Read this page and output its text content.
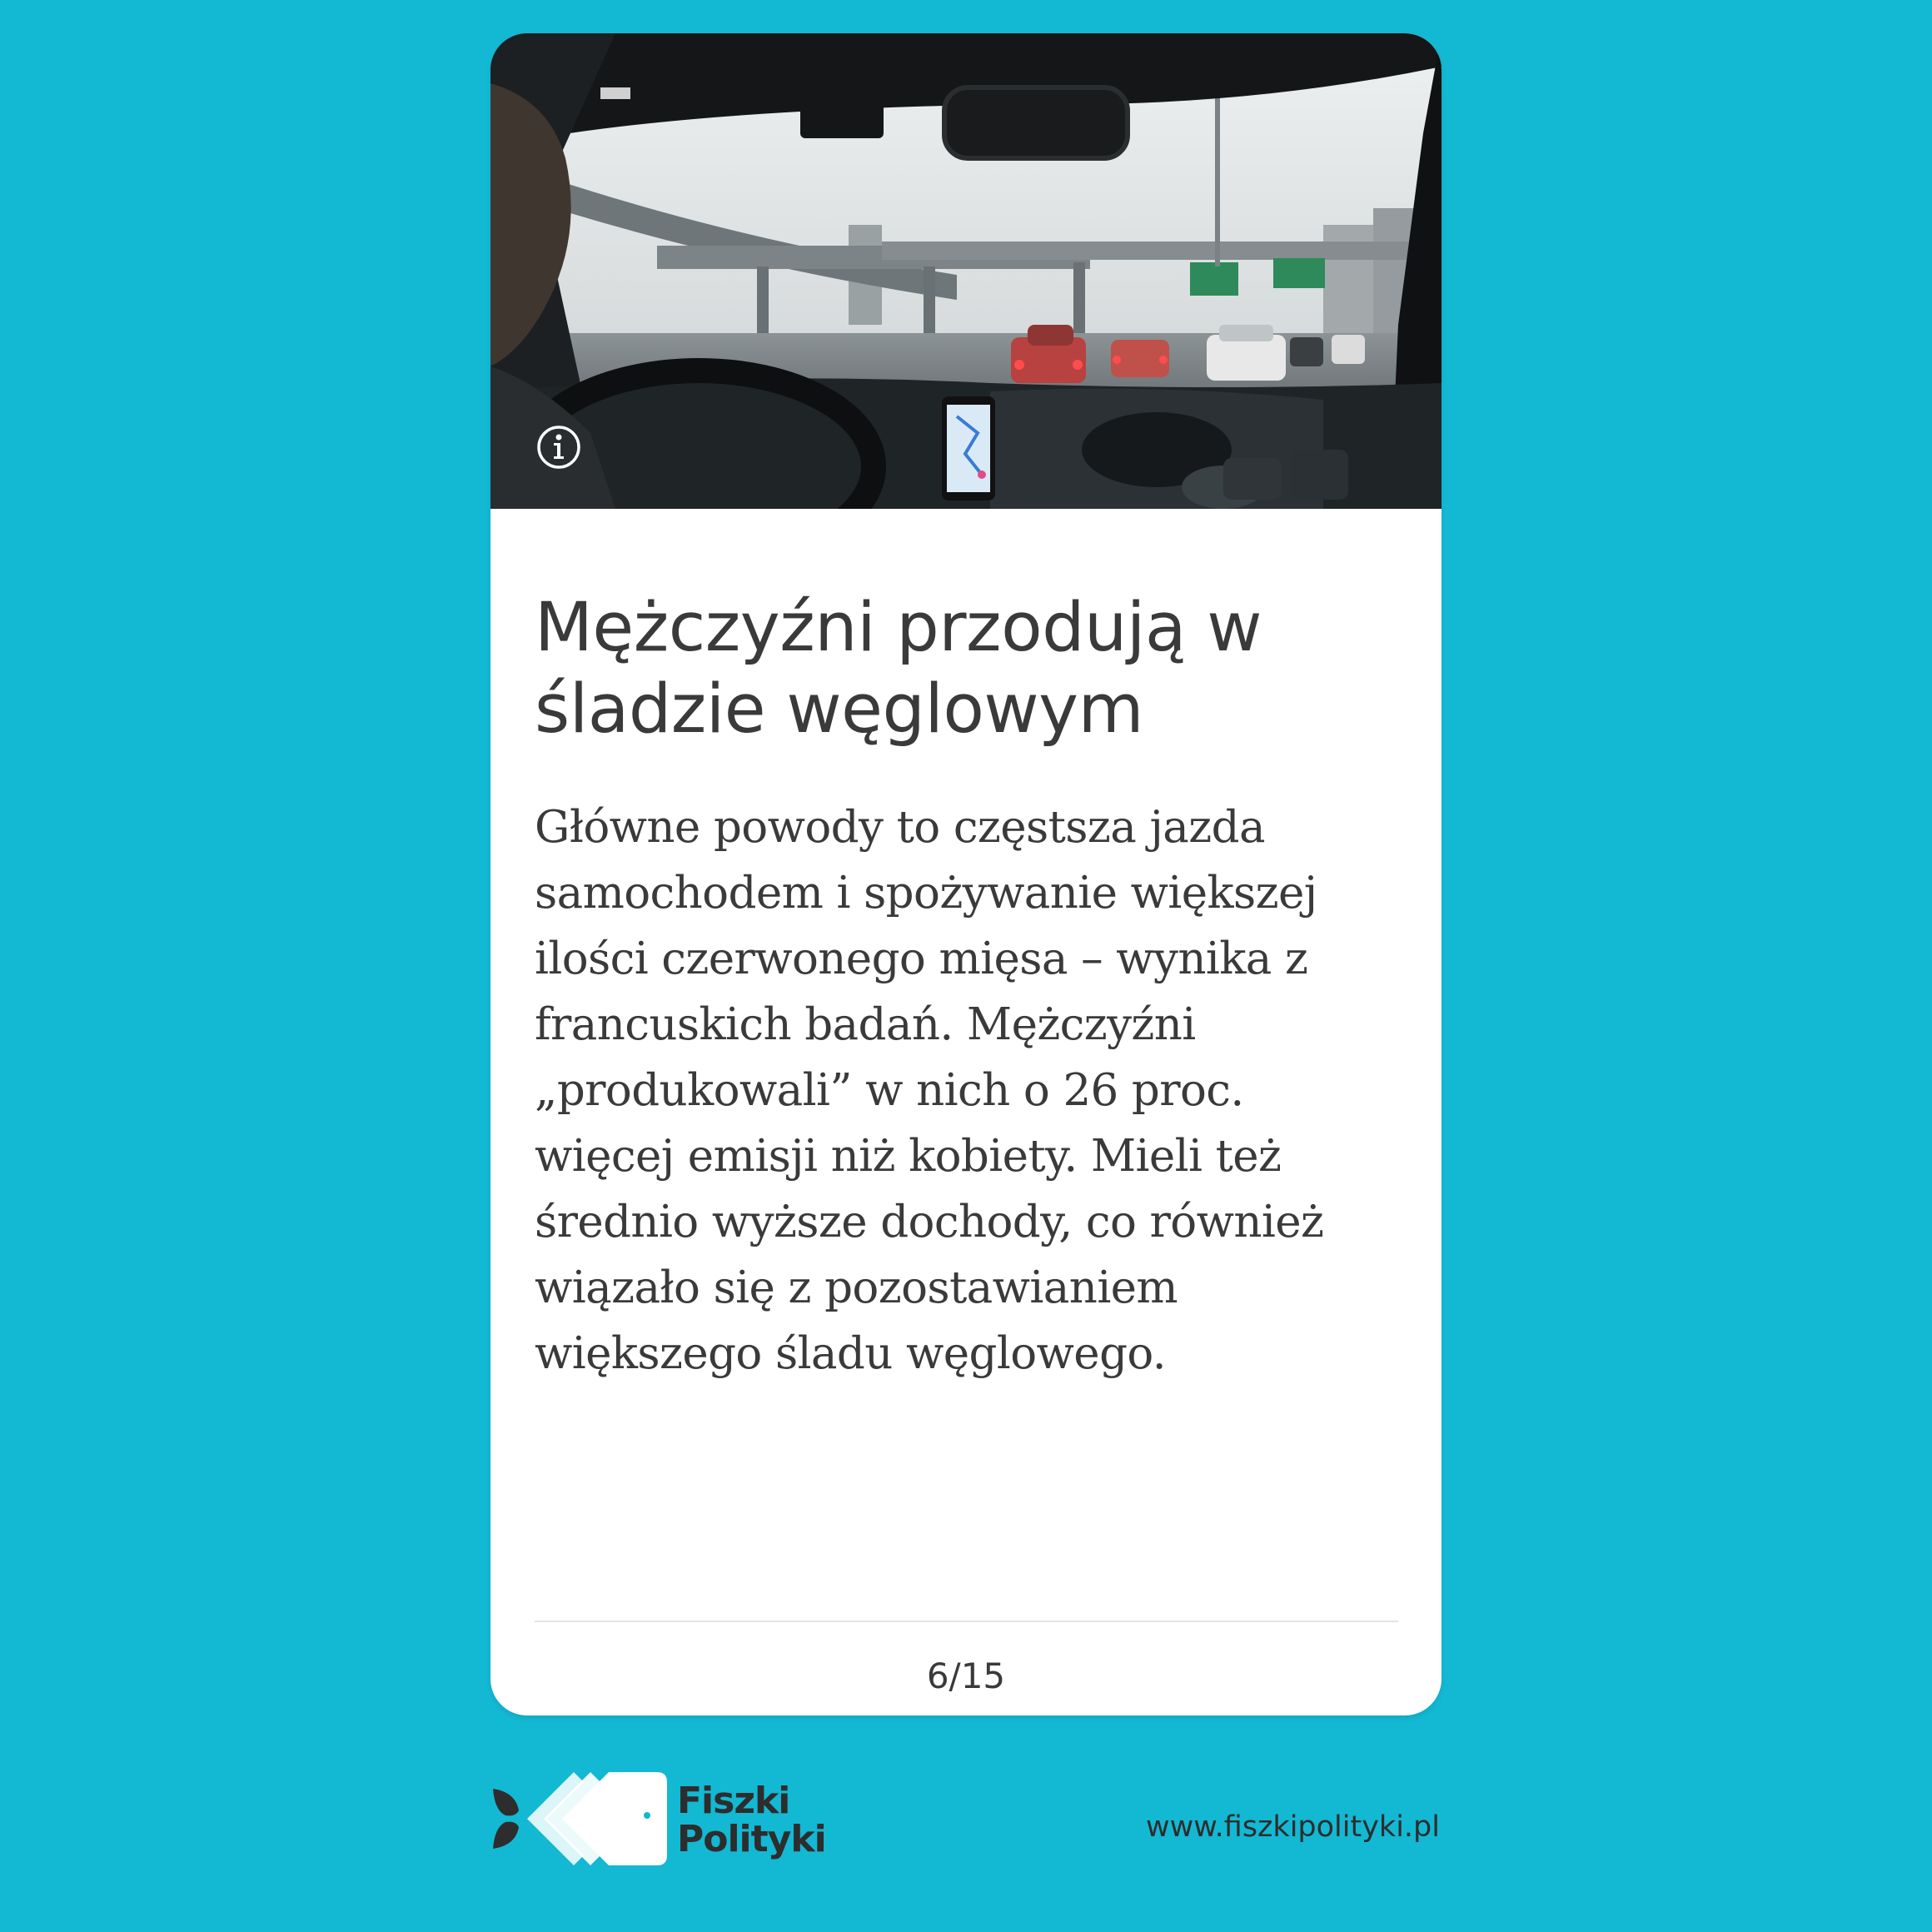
Mężczyźni przodują w śladzie węglowym

Główne powody to częstsza jazda samochodem i spożywanie większej ilości czerwonego mięsa – wynika z francuskich badań. Mężczyźni „produkowali” w nich o 26 proc. więcej emisji niż kobiety. Mieli też średnio wyższe dochody, co również wiązało się z pozostawianiem większego śladu węglowego.

6/15
Fiszki
Polityki	www.fiszkipolityki.pl
